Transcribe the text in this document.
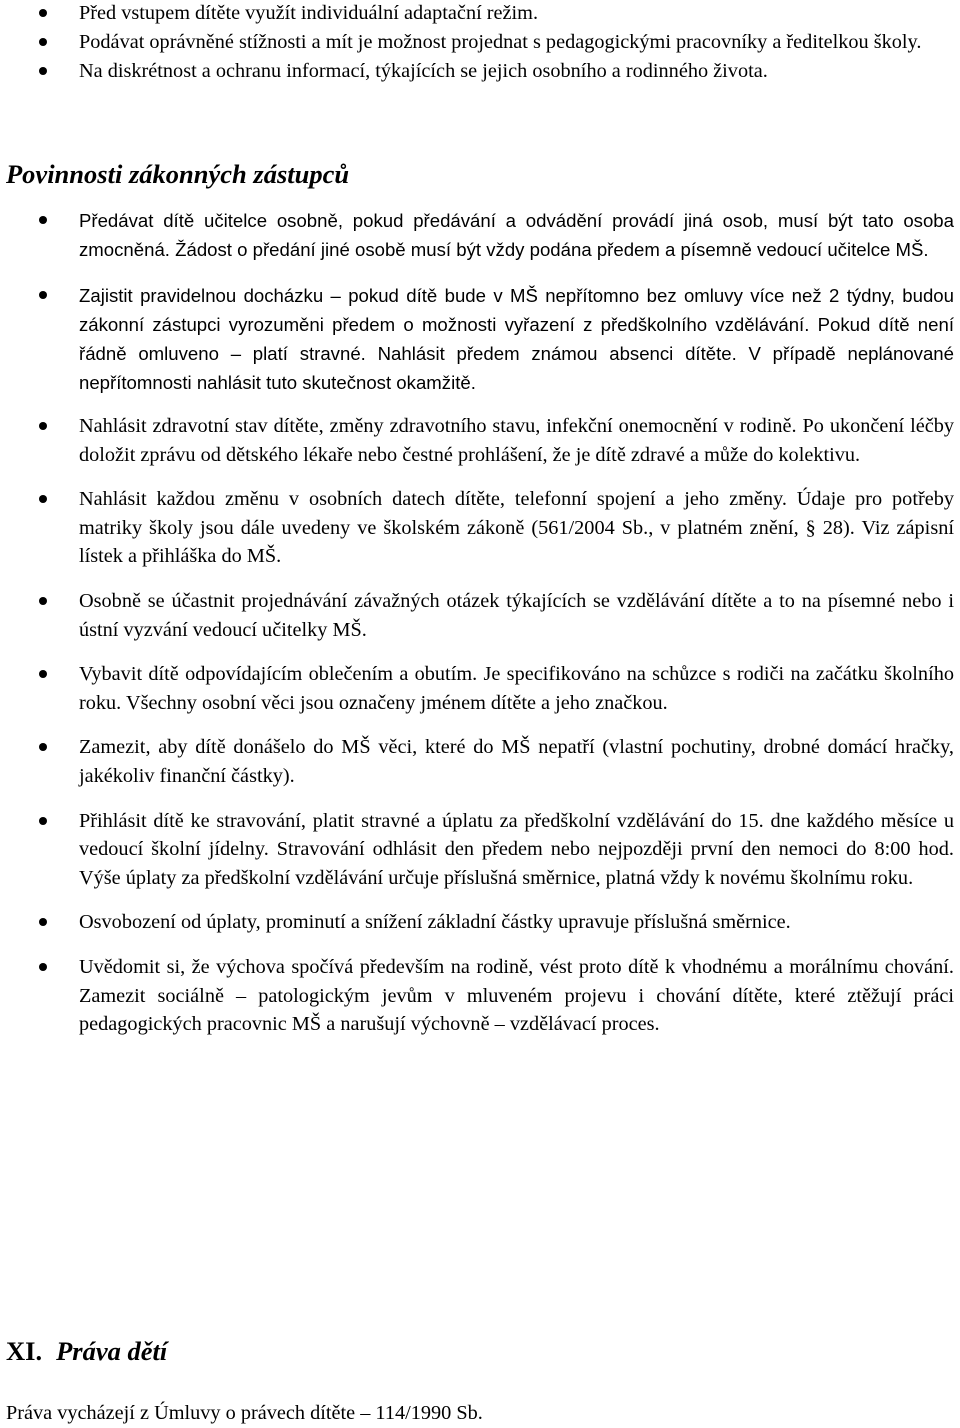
Před vstupem dítěte využít individuální adaptační režim.
Podávat oprávněné stížnosti a mít je možnost projednat s pedagogickými pracovníky a ředitelkou školy.
Na diskrétnost a ochranu informací, týkajících se jejich osobního a rodinného života.
Povinnosti zákonných zástupců
Předávat dítě učitelce osobně, pokud předávání a odvádění provádí jiná osob, musí být tato osoba zmocněná. Žádost o předání jiné osobě musí být vždy podána předem a písemně vedoucí učitelce MŠ.
Zajistit pravidelnou docházku – pokud dítě bude v MŠ nepřítomno bez omluvy více než 2 týdny, budou zákonní zástupci vyrozuměni předem o možnosti vyřazení z předškolního vzdělávání. Pokud dítě není řádně omluveno – platí stravné. Nahlásit předem známou absenci dítěte. V případě neplánované nepřítomnosti nahlásit tuto skutečnost okamžitě.
Nahlásit zdravotní stav dítěte, změny zdravotního stavu, infekční onemocnění v rodině. Po ukončení léčby doložit zprávu od dětského lékaře nebo čestné prohlášení, že je dítě zdravé a může do kolektivu.
Nahlásit každou změnu v osobních datech dítěte, telefonní spojení a jeho změny. Údaje pro potřeby matriky školy jsou dále uvedeny ve školském zákoně (561/2004 Sb., v platném znění, § 28). Viz zápisní lístek a přihláška do MŠ.
Osobně se účastnit projednávání závažných otázek týkajících se vzdělávání dítěte a to na písemné nebo i ústní vyzvání vedoucí učitelky MŠ.
Vybavit dítě odpovídajícím oblečením a obutím. Je specifikováno na schůzce s rodiči na začátku školního roku. Všechny osobní věci jsou označeny jménem dítěte a jeho značkou.
Zamezit, aby dítě donášelo do MŠ věci, které do MŠ nepatří (vlastní pochutiny, drobné domácí hračky, jakékoliv finanční částky).
Přihlásit dítě ke stravování, platit stravné a úplatu za předškolní vzdělávání do 15. dne každého měsíce u vedoucí školní jídelny. Stravování odhlásit den předem nebo nejpozději první den nemoci do 8:00 hod. Výše úplaty za předškolní vzdělávání určuje příslušná směrnice, platná vždy k novému školnímu roku.
Osvobození od úplaty, prominutí a snížení základní částky upravuje příslušná směrnice.
Uvědomit si, že výchova spočívá především na rodině, vést proto dítě k vhodnému a morálnímu chování. Zamezit sociálně – patologickým jevům v mluveném projevu i chování dítěte, které ztěžují práci pedagogických pracovnic MŠ a narušují výchovně – vzdělávací proces.
XI. Práva dětí

Práva vycházejí z Úmluvy o právech dítěte – 114/1990 Sb.
